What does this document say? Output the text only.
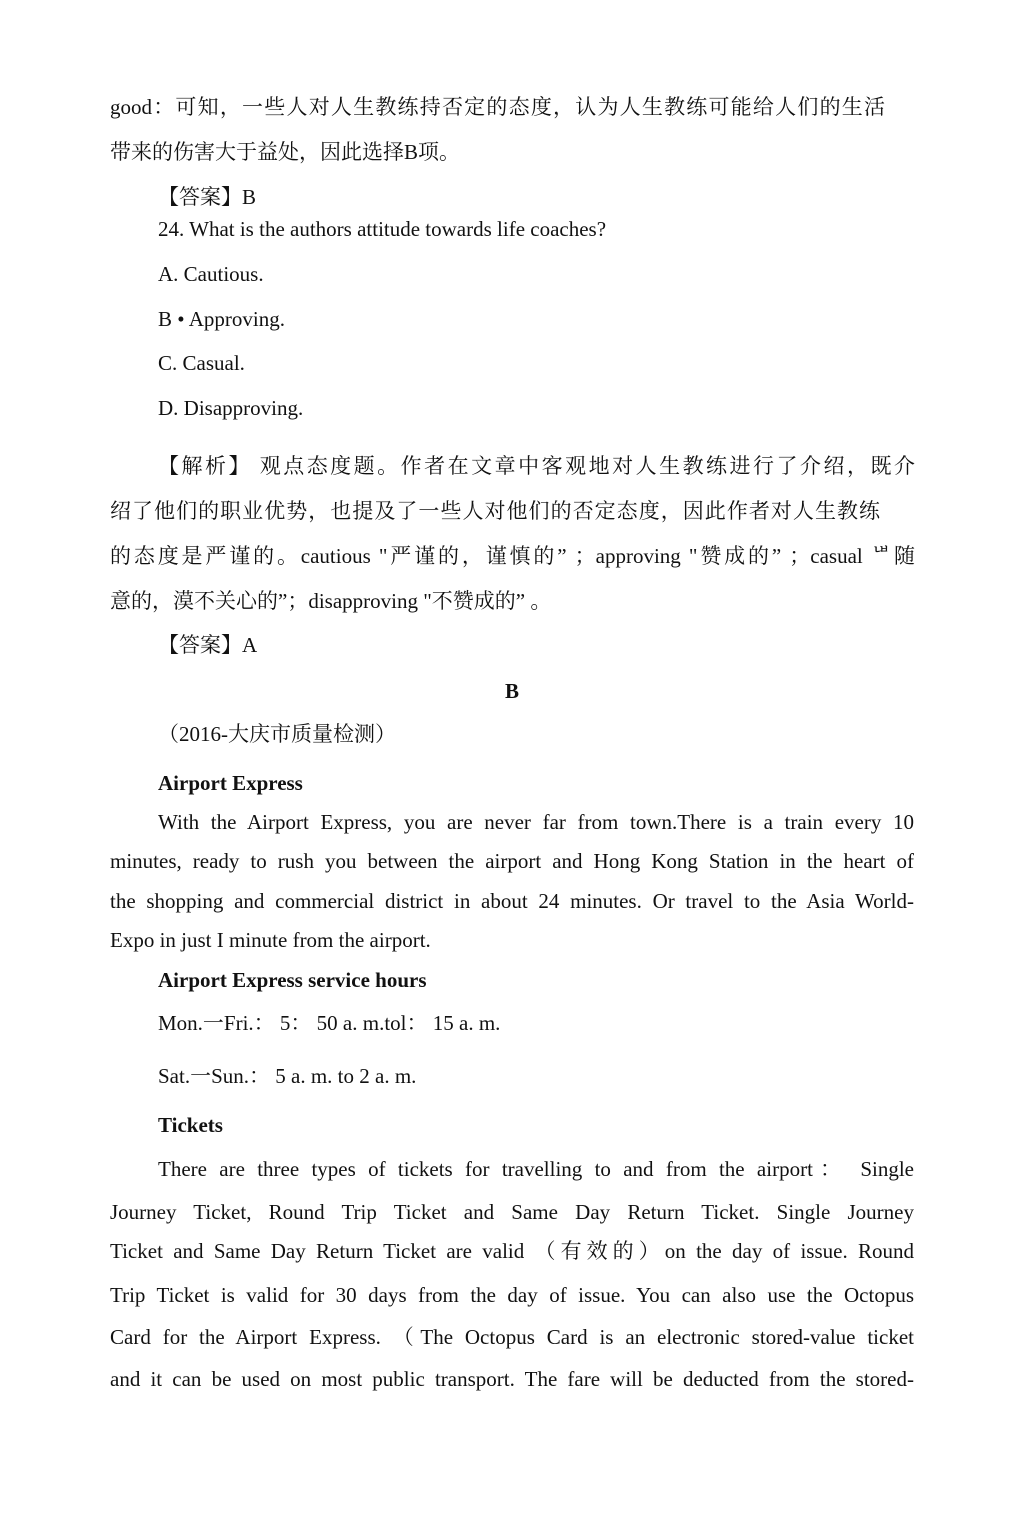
good：可知，一些人对人生教练持否定的态度，认为人生教练可能给人们的生活
带来的伤害大于益处，因此选择B项。
【答案】B
24. What is the authors attitude towards life coaches?
A. Cautious.
B • Approving.
C. Casual.
D. Disapproving.
【解析】 观点态度题。作者在文章中客观地对人生教练进行了介绍，既介
绍了他们的职业优势，也提及了一些人对他们的否定态度，因此作者对人生教练
的态度是严谨的。cautious "严谨的，谨慎的” ；approving "赞成的” ；casual ᄖ随
意的，漠不关心的”；disapproving "不赞成的” 。
【答案】A
B
（2016-大庆市质量检测）
Airport Express
With the Airport Express, you are never far from town.There is a train every 10
minutes, ready to rush you between the airport and Hong Kong Station in the heart of
the shopping and commercial district in about 24 minutes. Or travel to the Asia World-
Expo in just I minute from the airport.
Airport Express service hours
Mon.一Fri.： 5： 50 a. m.tol： 15 a. m.
Sat.一Sun.： 5 a. m. to 2 a. m.
Tickets
There are three types of tickets for travelling to and from the airport： Single
Journey Ticket, Round Trip Ticket and Same Day Return Ticket. Single Journey
Ticket and Same Day Return Ticket are valid （有效的）on the day of issue. Round
Trip Ticket is valid for 30 days from the day of issue. You can also use the Octopus
Card for the Airport Express. （The Octopus Card is an electronic stored-value ticket
and it can be used on most public transport. The fare will be deducted from the stored-
